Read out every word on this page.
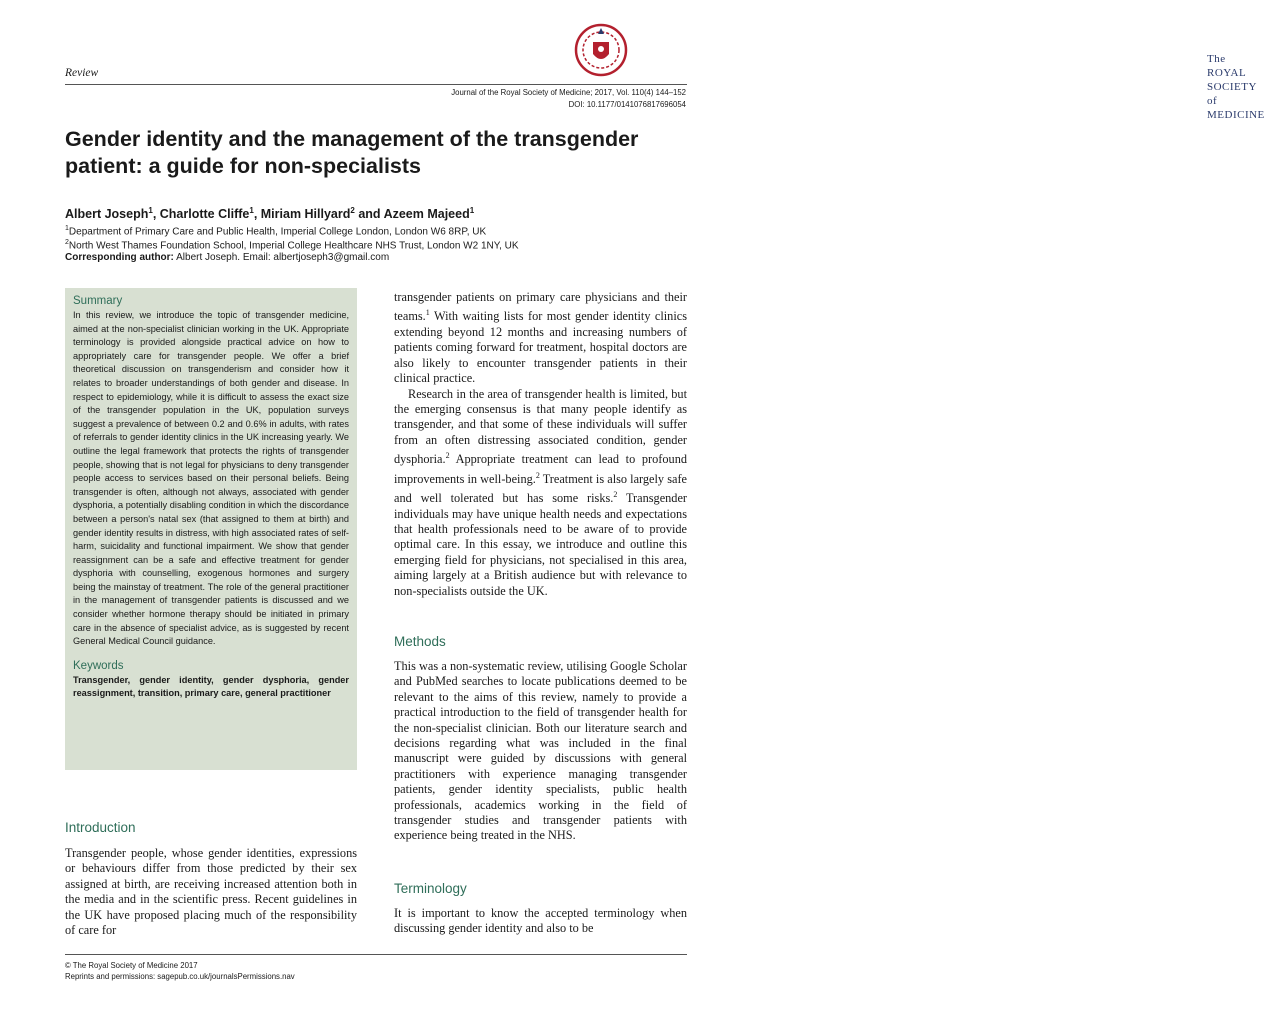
Review
The ROYAL
SOCIETY of
MEDICINE
Journal of the Royal Society of Medicine; 2017, Vol. 110(4) 144–152
DOI: 10.1177/0141076817696054
Gender identity and the management of the transgender patient: a guide for non-specialists
Albert Joseph$^1$, Charlotte Cliffe$^1$, Miriam Hillyard$^2$ and Azeem Majeed$^1$
$^1$Department of Primary Care and Public Health, Imperial College London, London W6 8RP, UK
$^2$North West Thames Foundation School, Imperial College Healthcare NHS Trust, London W2 1NY, UK
Corresponding author: Albert Joseph. Email: albertjoseph3@gmail.com
Summary

In this review, we introduce the topic of transgender medicine, aimed at the non-specialist clinician working in the UK. Appropriate terminology is provided alongside practical advice on how to appropriately care for transgender people. We offer a brief theoretical discussion on transgenderism and consider how it relates to broader understandings of both gender and disease. In respect to epidemiology, while it is difficult to assess the exact size of the transgender population in the UK, population surveys suggest a prevalence of between 0.2 and 0.6% in adults, with rates of referrals to gender identity clinics in the UK increasing yearly. We outline the legal framework that protects the rights of transgender people, showing that is not legal for physicians to deny transgender people access to services based on their personal beliefs. Being transgender is often, although not always, associated with gender dysphoria, a potentially disabling condition in which the discordance between a person's natal sex (that assigned to them at birth) and gender identity results in distress, with high associated rates of self-harm, suicidality and functional impairment. We show that gender reassignment can be a safe and effective treatment for gender dysphoria with counselling, exogenous hormones and surgery being the mainstay of treatment. The role of the general practitioner in the management of transgender patients is discussed and we consider whether hormone therapy should be initiated in primary care in the absence of specialist advice, as is suggested by recent General Medical Council guidance.

Keywords

Transgender, gender identity, gender dysphoria, gender reassignment, transition, primary care, general practitioner

Introduction

Transgender people, whose gender identities, expressions or behaviours differ from those predicted by their sex assigned at birth, are receiving increased attention both in the media and in the scientific press. Recent guidelines in the UK have proposed placing much of the responsibility of care for

transgender patients on primary care physicians and their teams.$^1$ With waiting lists for most gender identity clinics extending beyond 12 months and increasing numbers of patients coming forward for treatment, hospital doctors are also likely to encounter transgender patients in their clinical practice.

Research in the area of transgender health is limited, but the emerging consensus is that many people identify as transgender, and that some of these individuals will suffer from an often distressing associated condition, gender dysphoria.$^2$ Appropriate treatment can lead to profound improvements in well-being.$^2$ Treatment is also largely safe and well tolerated but has some risks.$^2$ Transgender individuals may have unique health needs and expectations that health professionals need to be aware of to provide optimal care. In this essay, we introduce and outline this emerging field for physicians, not specialised in this area, aiming largely at a British audience but with relevance to non-specialists outside the UK.

Methods

This was a non-systematic review, utilising Google Scholar and PubMed searches to locate publications deemed to be relevant to the aims of this review, namely to provide a practical introduction to the field of transgender health for the non-specialist clinician. Both our literature search and decisions regarding what was included in the final manuscript were guided by discussions with general practitioners with experience managing transgender patients, gender identity specialists, public health professionals, academics working in the field of transgender studies and transgender patients with experience being treated in the NHS.

Terminology

It is important to know the accepted terminology when discussing gender identity and also to be

© The Royal Society of Medicine 2017
Reprints and permissions: sagepub.co.uk/journalsPermissions.nav
